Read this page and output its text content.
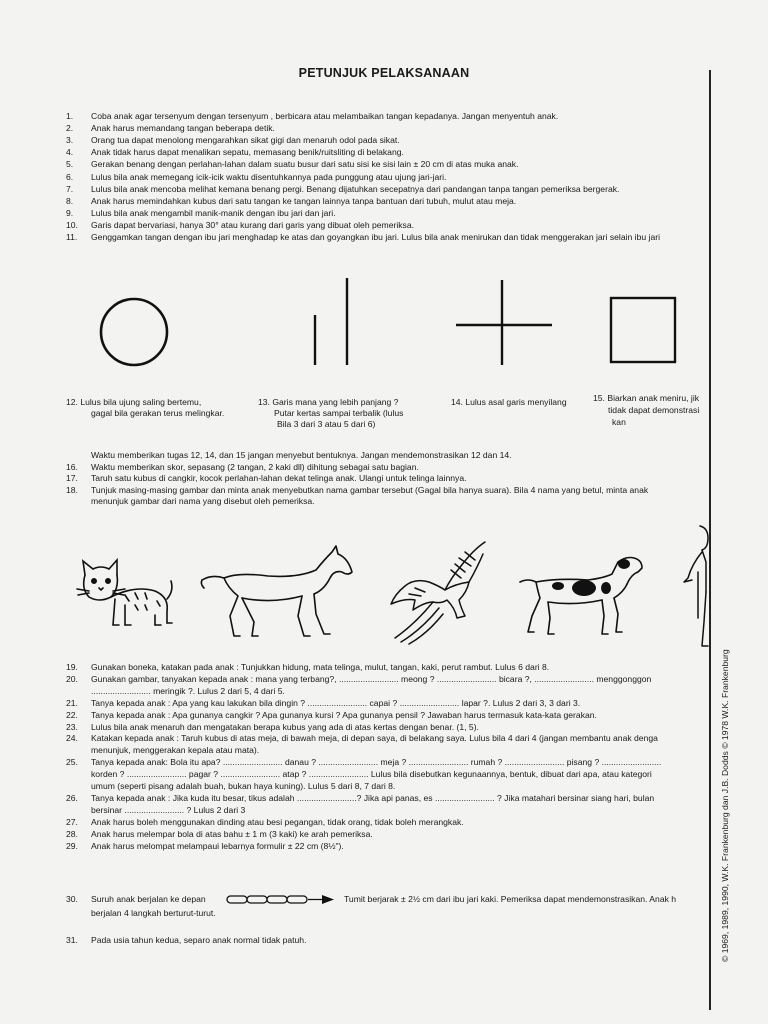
PETUNJUK PELAKSANAAN
1.	Coba anak agar tersenyum dengan tersenyum , berbicara atau melambaikan tangan kepadanya. Jangan menyentuh anak.
2.	Anak harus memandang tangan beberapa detik.
3.	Orang tua dapat menolong mengarahkan sikat gigi dan menaruh odol pada sikat.
4.	Anak tidak harus dapat menalikan sepatu, memasang benik/ruitsliting di belakang.
5.	Gerakan benang dengan perlahan-lahan dalam suatu busur dari satu sisi ke sisi lain ± 20 cm di atas muka anak.
6.	Lulus bila anak memegang icik-icik waktu disentuhkannya pada punggung atau ujung jari-jari.
7.	Lulus bila anak mencoba melihat kemana benang pergi. Benang dijatuhkan secepatnya dari pandangan tanpa tangan pemeriksa bergerak.
8.	Anak harus memindahkan kubus dari satu tangan ke tangan lainnya tanpa bantuan dari tubuh, mulut atau meja.
9.	Lulus bila anak mengambil manik-manik dengan ibu jari dan jari.
10.	Garis dapat bervariasi, hanya 30° atau kurang dari garis yang dibuat oleh pemeriksa.
11.	Genggamkan tangan dengan ibu jari menghadap ke atas dan goyangkan ibu jari. Lulus bila anak menirukan dan tidak menggerakan jari selain ibu jari
12. Lulus bila ujung saling bertemu,
gagal bila gerakan terus melingkar.
13. Garis mana yang lebih panjang ?
Putar kertas sampai terbalik (lulus
Bila 3 dari 3 atau 5 dari 6)
14. Lulus asal garis menyilang	15. Biarkan anak meniru, jik
tidak dapat demonstrasi
kan
Waktu memberikan tugas 12, 14, dan 15 jangan menyebut bentuknya. Jangan mendemonstrasikan 12 dan 14.
16.	Waktu memberikan skor, sepasang (2 tangan, 2 kaki dll) dihitung sebagai satu bagian.
17.	Taruh satu kubus di cangkir, kocok perlahan-lahan dekat telinga anak. Ulangi untuk telinga lainnya.
18.	Tunjuk masing-masing gambar dan minta anak menyebutkan nama gambar tersebut (Gagal bila hanya suara). Bila 4 nama yang betul, minta anak
menunjuk gambar dari nama yang disebut oleh pemeriksa.
19.	Gunakan boneka, katakan pada anak : Tunjukkan hidung, mata telinga, mulut, tangan, kaki, perut rambut. Lulus 6 dari 8.
20.	Gunakan gambar, tanyakan kepada anak : mana yang terbang?, ......................... meong ? ......................... bicara ?, ......................... menggonggon
......................... meringik ?. Lulus 2 dari 5, 4 dari 5.
21.	Tanya kepada anak : Apa yang kau lakukan bila dingin ? ......................... capai ? ......................... lapar ?. Lulus 2 dari 3, 3 dari 3.
22.	Tanya kepada anak : Apa gunanya cangkir ? Apa gunanya kursi ? Apa gunanya pensil ? Jawaban harus termasuk kata-kata gerakan.
23.	Lulus bila anak menaruh dan mengatakan berapa kubus yang ada di atas kertas dengan benar. (1, 5).
24.	Katakan kepada anak : Taruh kubus di atas meja, di bawah meja, di depan saya, di belakang saya. Lulus bila 4 dari 4 (jangan membantu anak denga
menunjuk, menggerakan kepala atau mata).
25.	Tanya kepada anak: Bola itu apa? ......................... danau ? ......................... meja ? ......................... rumah ? ......................... pisang ? .........................
korden ? ......................... pagar ? ......................... atap ? ......................... Lulus bila disebutkan kegunaannya, bentuk, dibuat dari apa, atau kategori
umum (seperti pisang adalah buah, bukan haya kuning). Lulus 5 dari 8, 7 dari 8.
26.	Tanya kepada anak : Jika kuda itu besar, tikus adalah .........................? Jika api panas, es ......................... ? Jika matahari bersinar siang hari, bulan
bersinar ......................... ? Lulus 2 dari 3
27.	Anak harus boleh menggunakan dinding atau besi pegangan, tidak orang, tidak boleh merangkak.
28.	Anak harus melempar bola di atas bahu ± 1 m (3 kaki) ke arah pemeriksa.
29.	Anak harus melompat melampaui lebarnya formulir ± 22 cm (8½").
30.	Suruh anak berjalan ke depan	Tumit berjarak ± 2½ cm dari ibu jari kaki. Pemeriksa dapat mendemonstrasikan. Anak h
berjalan 4 langkah berturut-turut.
31.	Pada usia tahun kedua, separo anak normal tidak patuh.	© 1969, 1989, 1990, W.K. Frankenburg dan J.B. Dodds © 1978 W.K. Frankenburg
